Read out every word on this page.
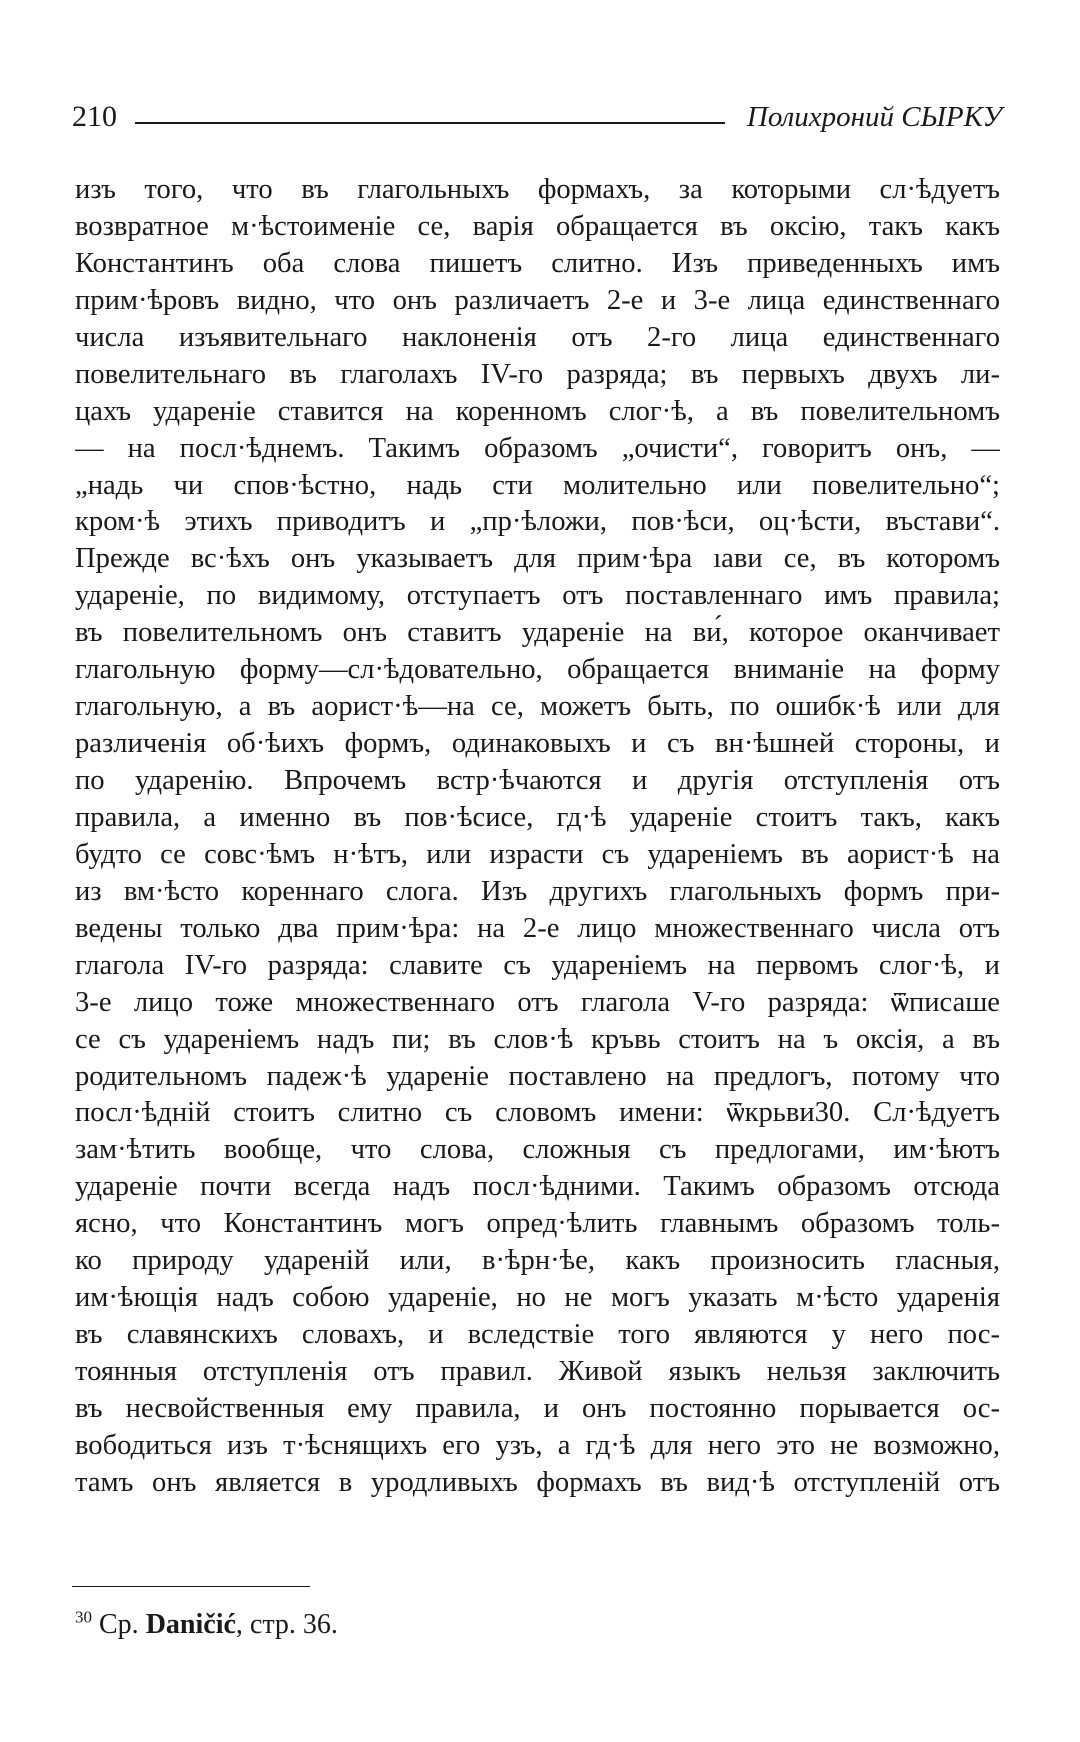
210	Полихроний СЫРКУ
изъ того, что въ глагольныхъ формахъ, за которыми сл·ѣдуетъ
возвратное м·ѣстоименіе се, варія обращается въ оксію, такъ какъ
Константинъ оба слова пишетъ слитно. Изъ приведенныхъ имъ
прим·ѣровъ видно, что онъ различаетъ 2-е и 3-е лица единственнаго
числа изъявительнаго наклоненія отъ 2-го лица единственнаго
повелительнаго въ глаголахъ IV-го разряда; въ первыхъ двухъ ли-
цахъ удареніе ставится на коренномъ слог·ѣ, а въ повелительномъ
— на посл·ѣднемъ. Такимъ образомъ „очисти“, говоритъ онъ, —
„надь чи спов·ѣстно, надь сти молительно или повелительно“;
кром·ѣ этихъ приводитъ и „пр·ѣложи, пов·ѣси, оц·ѣсти, въстави“.
Прежде вс·ѣхъ онъ указываетъ для прим·ѣра ıави се, въ которомъ
удареніе, по видимому, отступаетъ отъ поставленнаго имъ правила;
въ повелительномъ онъ ставитъ удареніе на ви́, которое оканчивает
глагольную форму—сл·ѣдовательно, обращается вниманіе на форму
глагольную, а въ аорист·ѣ—на се, можетъ быть, по ошибк·ѣ или для
различенія об·ѣихъ формъ, одинаковыхъ и съ вн·ѣшней стороны, и
по ударенію. Впрочемъ встр·ѣчаются и другія отступленія отъ
правила, а именно въ пов·ѣсисе, гд·ѣ удареніе стоитъ такъ, какъ
будто се совс·ѣмъ н·ѣтъ, или израсти съ удареніемъ въ аорист·ѣ на
из вм·ѣсто кореннаго слога. Изъ другихъ глагольныхъ формъ при-
ведены только два прим·ѣра: на 2-е лицо множественнаго числа отъ
глагола IV-го разряда: славите съ удареніемъ на первомъ слог·ѣ, и
3-е лицо тоже множественнаго отъ глагола V-го разряда: ѿписаше
се съ удареніемъ надъ пи; въ слов·ѣ кръвь стоитъ на ъ оксія, а въ
родительномъ падеж·ѣ удареніе поставлено на предлогъ, потому что
посл·ѣдній стоитъ слитно съ словомъ имени: ѿкрьви30. Сл·ѣдуетъ
зам·ѣтить вообще, что слова, сложныя съ предлогами, им·ѣютъ
удареніе почти всегда надъ посл·ѣдними. Такимъ образомъ отсюда
ясно, что Константинъ могъ опред·ѣлить главнымъ образомъ толь-
ко природу удареній или, в·ѣрн·ѣе, какъ произносить гласныя,
им·ѣющія надъ собою удареніе, но не могъ указать м·ѣсто ударенія
въ славянскихъ словахъ, и вследствіе того являются у него пос-
тоянныя отступленія отъ правил. Живой языкъ нельзя заключить
въ несвойственныя ему правила, и онъ постоянно порывается ос-
вободиться изъ т·ѣснящихъ его узъ, а гд·ѣ для него это не возможно,
тамъ онъ является в уродливыхъ формахъ въ вид·ѣ отступленій отъ
$^{30}$ Ср. Daničić, стр. 36.
